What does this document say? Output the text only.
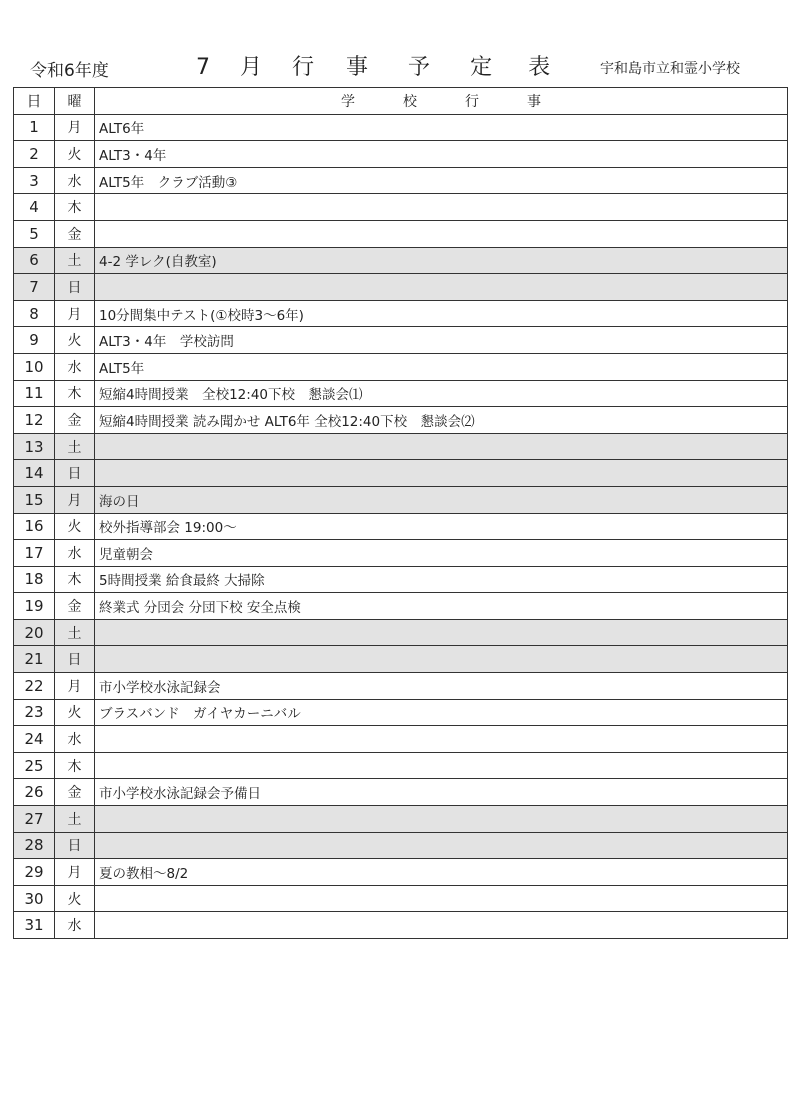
令和6年度	7 月 行 事 予 定 表	宇和島市立和霊小学校
日	曜	学 校 行 事
1	月	ALT6年
2	火	ALT3・4年
3	水	ALT5年　クラブ活動③
4	木	
5	金	
6	土	4-2 学レク(自教室)
7	日	
8	月	10分間集中テスト(①校時3～6年)
9	火	ALT3・4年　学校訪問
10	水	ALT5年
11	木	短縮4時間授業　全校12:40下校　懇談会⑴
12	金	短縮4時間授業 読み聞かせ ALT6年 全校12:40下校　懇談会⑵
13	土	
14	日	
15	月	海の日
16	火	校外指導部会 19:00～
17	水	児童朝会
18	木	5時間授業 給食最終 大掃除
19	金	終業式 分団会 分団下校 安全点検
20	土	
21	日	
22	月	市小学校水泳記録会
23	火	ブラスバンド　ガイヤカーニバル
24	水	
25	木	
26	金	市小学校水泳記録会予備日
27	土	
28	日	
29	月	夏の教相～8/2
30	火	
31	水	
